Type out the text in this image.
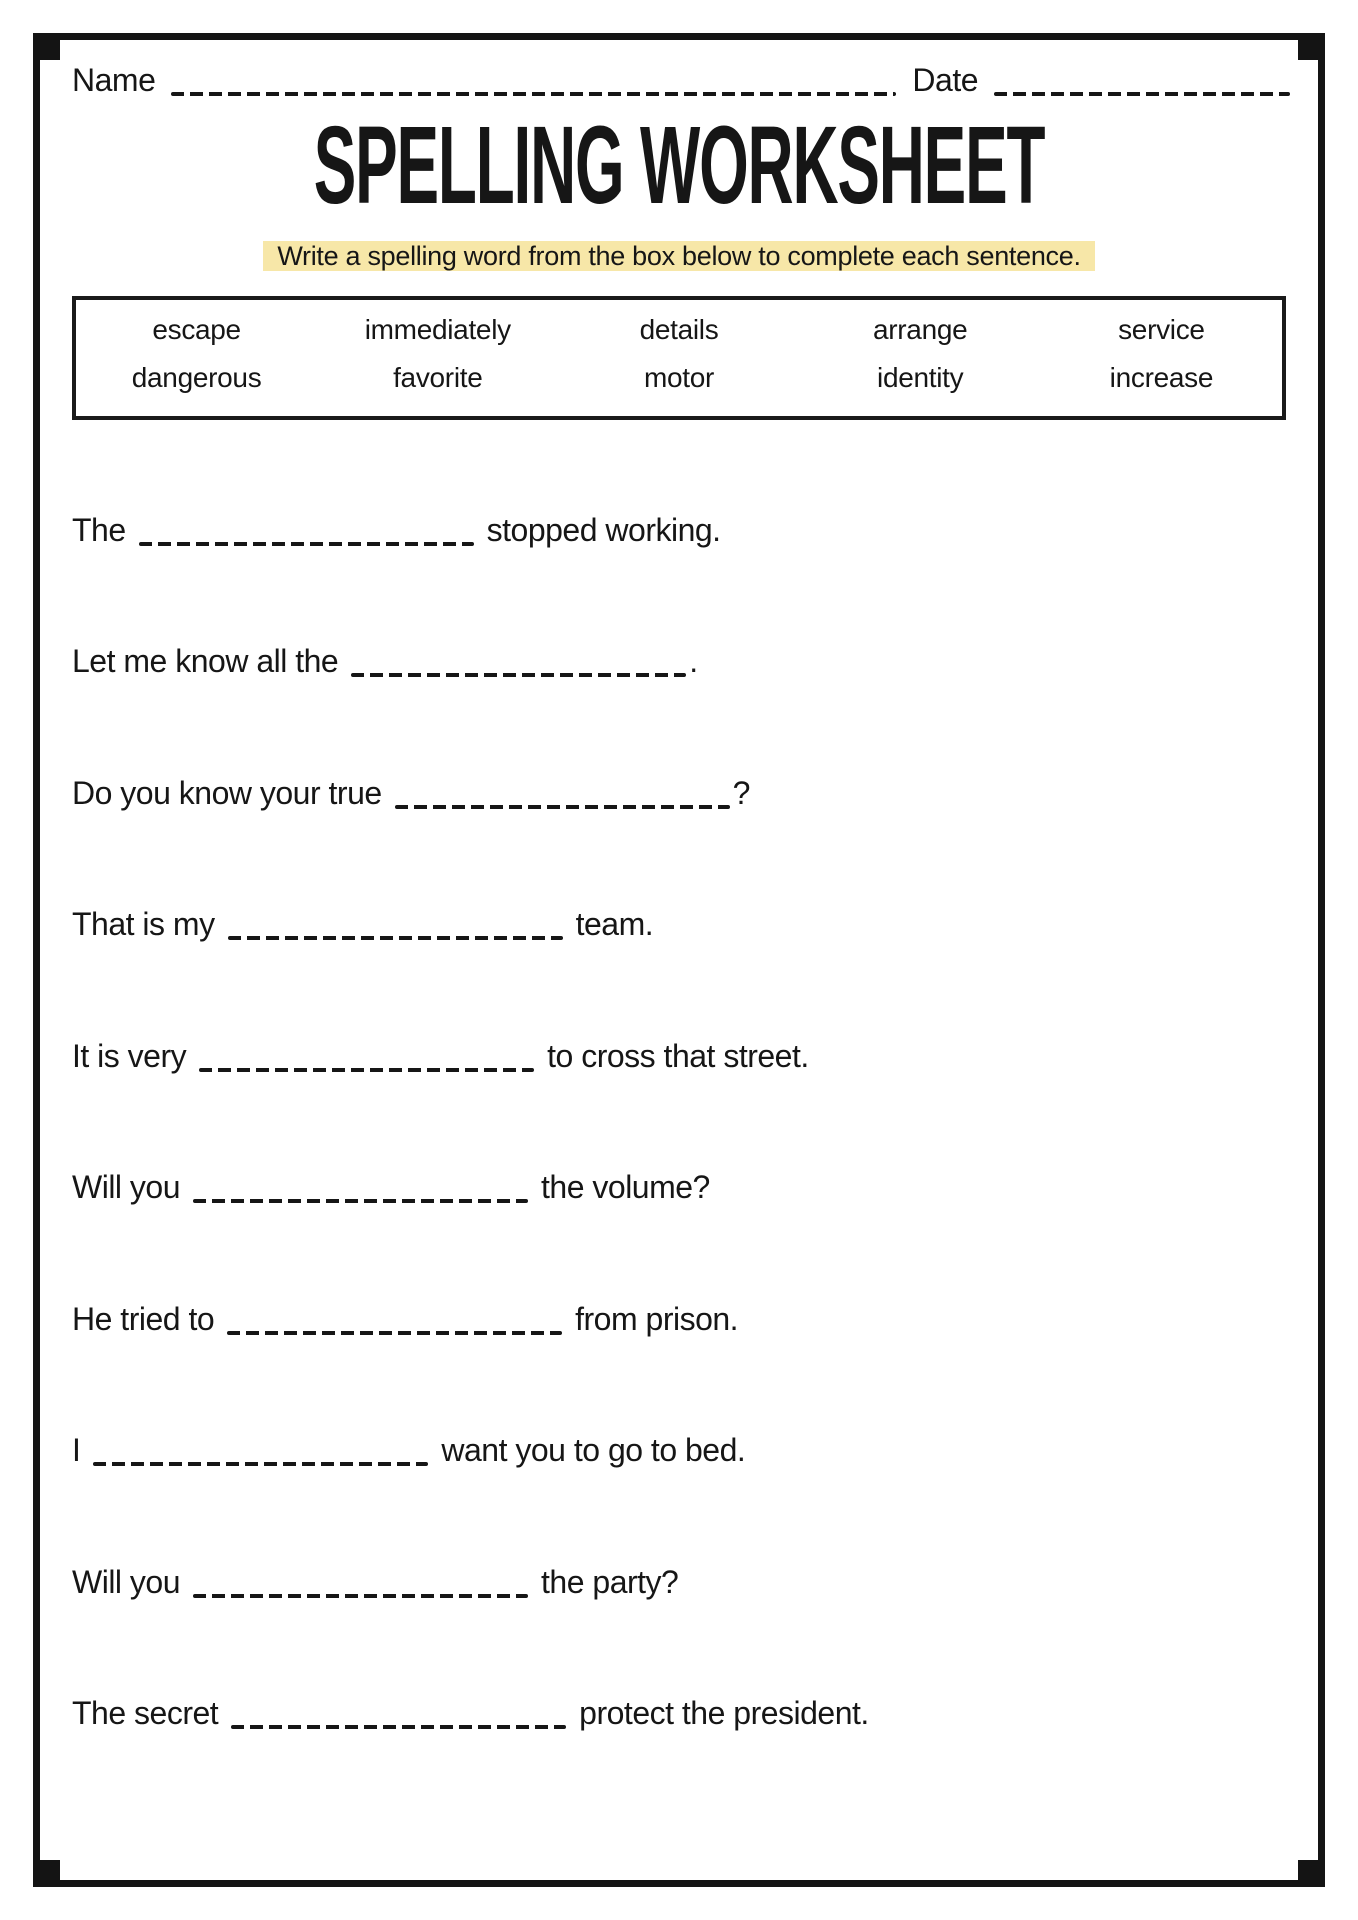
Name	Date
SPELLING WORKSHEET
Write a spelling word from the box below to complete each sentence.
escape	immediately	details	arrange	service
dangerous	favorite	motor	identity	increase
The	stopped working.
Let me know all the	.
Do you know your true	?
That is my	team.
It is very	to cross that street.
Will you	the volume?
He tried to	from prison.
I	want you to go to bed.
Will you	the party?
The secret	protect the president.
